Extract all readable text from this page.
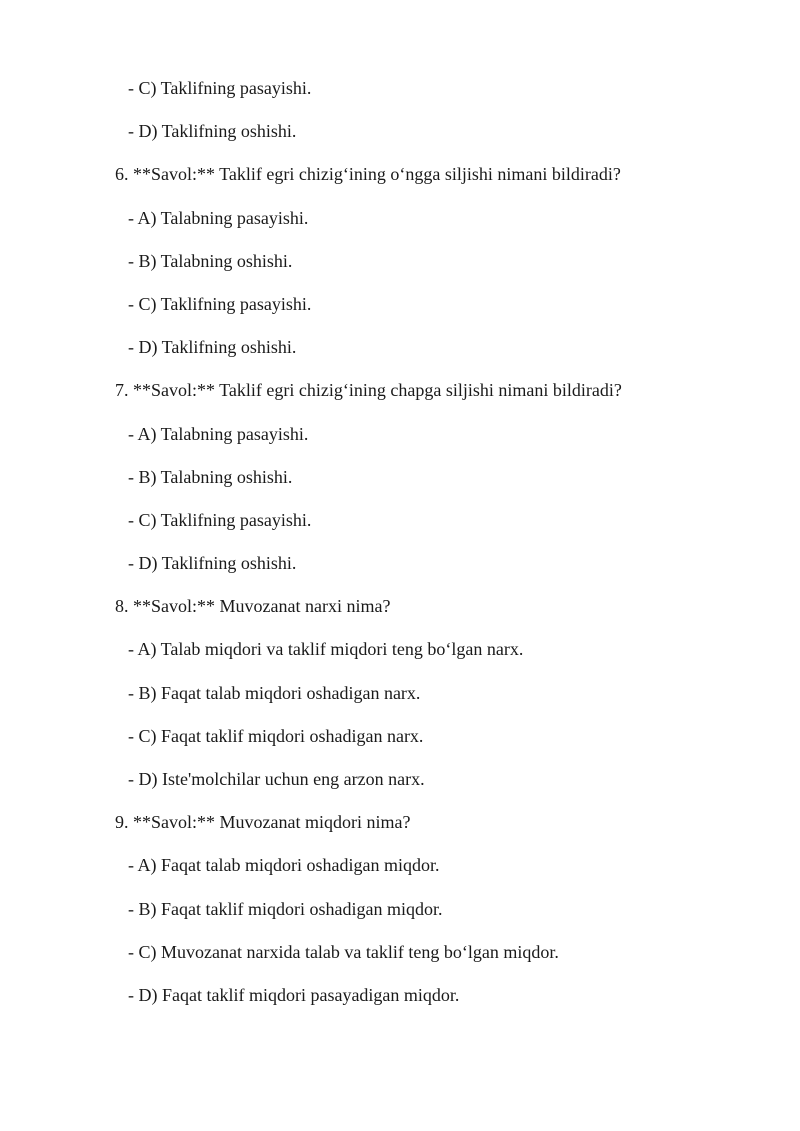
- C) Taklifning pasayishi.
- D) Taklifning oshishi.
6. **Savol:** Taklif egri chizig‘ining o‘ngga siljishi nimani bildiradi?
- A) Talabning pasayishi.
- B) Talabning oshishi.
- C) Taklifning pasayishi.
- D) Taklifning oshishi.
7. **Savol:** Taklif egri chizig‘ining chapga siljishi nimani bildiradi?
- A) Talabning pasayishi.
- B) Talabning oshishi.
- C) Taklifning pasayishi.
- D) Taklifning oshishi.
8. **Savol:** Muvozanat narxi nima?
- A) Talab miqdori va taklif miqdori teng bo‘lgan narx.
- B) Faqat talab miqdori oshadigan narx.
- C) Faqat taklif miqdori oshadigan narx.
- D) Iste'molchilar uchun eng arzon narx.
9. **Savol:** Muvozanat miqdori nima?
- A) Faqat talab miqdori oshadigan miqdor.
- B) Faqat taklif miqdori oshadigan miqdor.
- C) Muvozanat narxida talab va taklif teng bo‘lgan miqdor.
- D) Faqat taklif miqdori pasayadigan miqdor.
